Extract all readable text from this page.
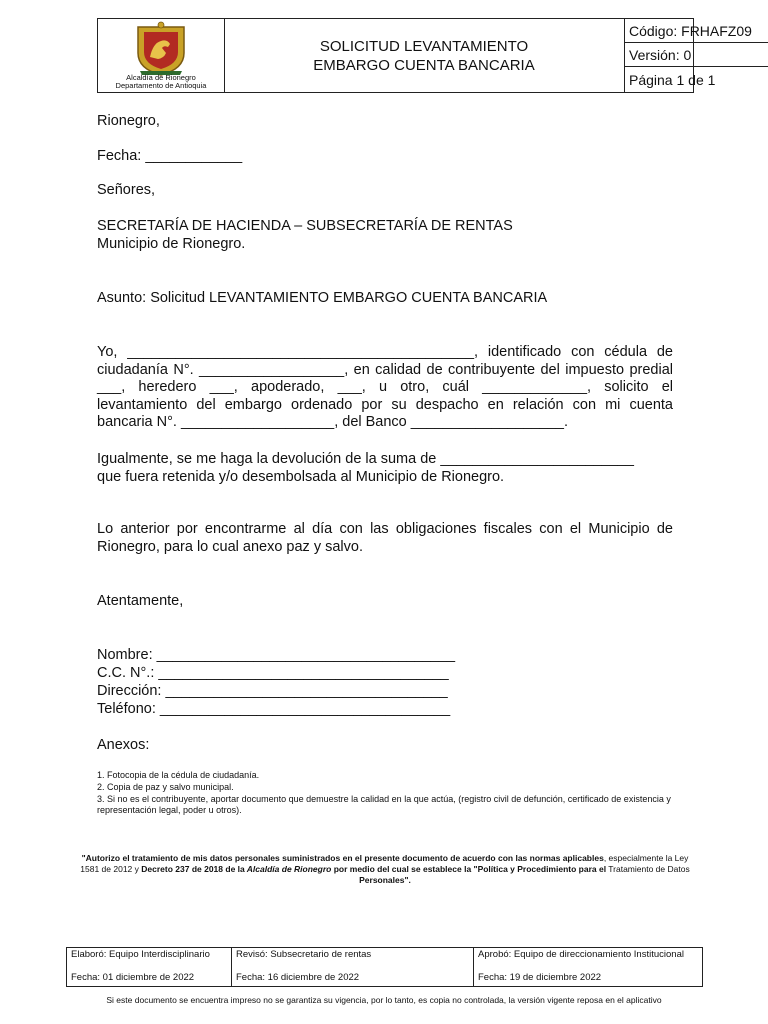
Alcaldía de Rionegro
Departamento de Antioquia
SOLICITUD LEVANTAMIENTO
EMBARGO CUENTA BANCARIA
Código: FRHAFZ09
Versión: 0
Página 1 de 1
Rionegro,
Fecha: ____________
Señores,
SECRETARÍA DE HACIENDA – SUBSECRETARÍA DE RENTAS
Municipio de Rionegro.
Asunto: Solicitud LEVANTAMIENTO EMBARGO CUENTA BANCARIA
Yo, ___________________________________________, identificado con cédula de ciudadanía N°. __________________, en calidad de contribuyente del impuesto predial ___, heredero ___, apoderado, ___, u otro, cuál _____________, solicito el levantamiento del embargo ordenado por su despacho en relación con mi cuenta bancaria N°. ___________________, del Banco ___________________.
Igualmente, se me haga la devolución de la suma de ________________________
que fuera retenida y/o desembolsada al Municipio de Rionegro.
Lo anterior por encontrarme al día con las obligaciones fiscales con el Municipio de Rionegro, para lo cual anexo paz y salvo.
Atentamente,
Nombre: _____________________________________
C.C. N°.: ____________________________________
Dirección: ___________________________________
Teléfono: ____________________________________
Anexos:
1. Fotocopia de la cédula de ciudadanía.
2. Copia de paz y salvo municipal.
3. Si no es el contribuyente, aportar documento que demuestre la calidad en la que actúa, (registro civil de defunción, certificado de existencia y representación legal, poder u otros).
"Autorizo el tratamiento de mis datos personales suministrados en el presente documento de acuerdo con las normas aplicables, especialmente la Ley 1581 de 2012 y Decreto 237 de 2018 de la Alcaldía de Rionegro por medio del cual se establece la "Política y Procedimiento para el Tratamiento de Datos Personales".
Elaboró: Equipo Interdisciplinario
Fecha: 01 diciembre de 2022
Revisó: Subsecretario de rentas
Fecha: 16 diciembre de 2022
Aprobó: Equipo de direccionamiento Institucional
Fecha: 19 de diciembre 2022
Si este documento se encuentra impreso no se garantiza su vigencia, por lo tanto, es copia no controlada, la versión vigente reposa en el aplicativo
